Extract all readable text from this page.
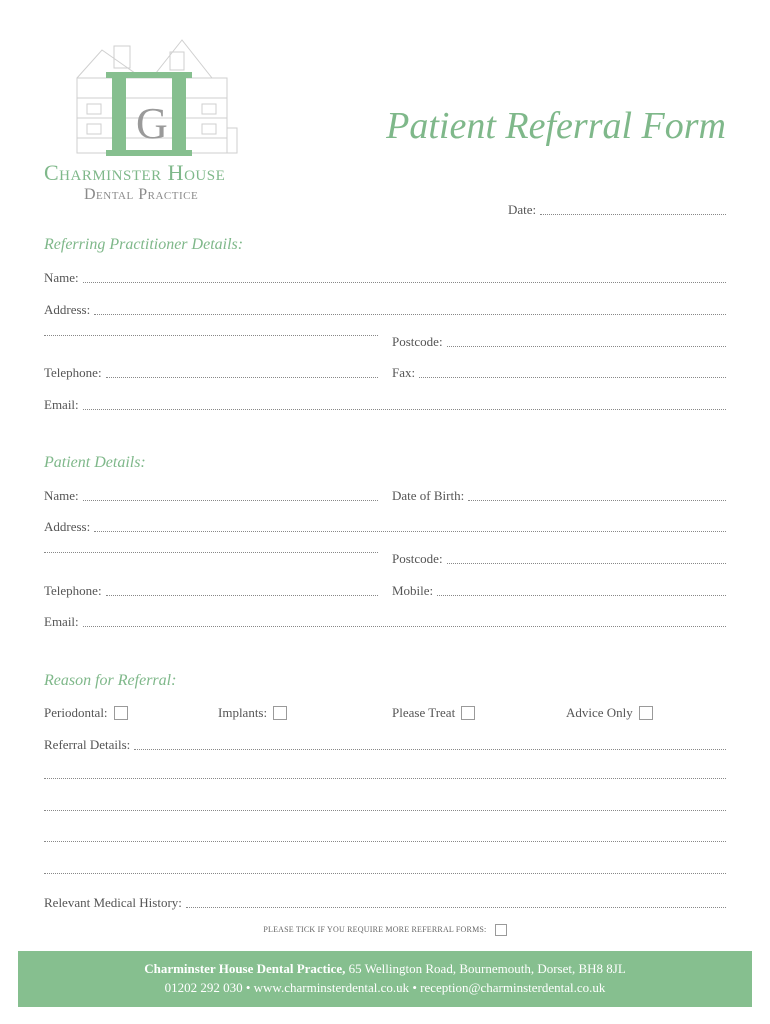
G
Charminster House
Dental Practice
Patient Referral Form
Date:
Referring Practitioner Details:
Name:
Address:
Postcode:
Telephone:	Fax:
Email:
Patient Details:
Name:	Date of Birth:
Address:
Postcode:
Telephone:	Mobile:
Email:
Reason for Referral:
Periodontal:	Implants:	Please Treat	Advice Only
Referral Details:
Relevant Medical History:
PLEASE TICK IF YOU REQUIRE MORE REFERRAL FORMS:
Charminster House Dental Practice, 65 Wellington Road, Bournemouth, Dorset, BH8 8JL
01202 292 030 • www.charminsterdental.co.uk • reception@charminsterdental.co.uk
